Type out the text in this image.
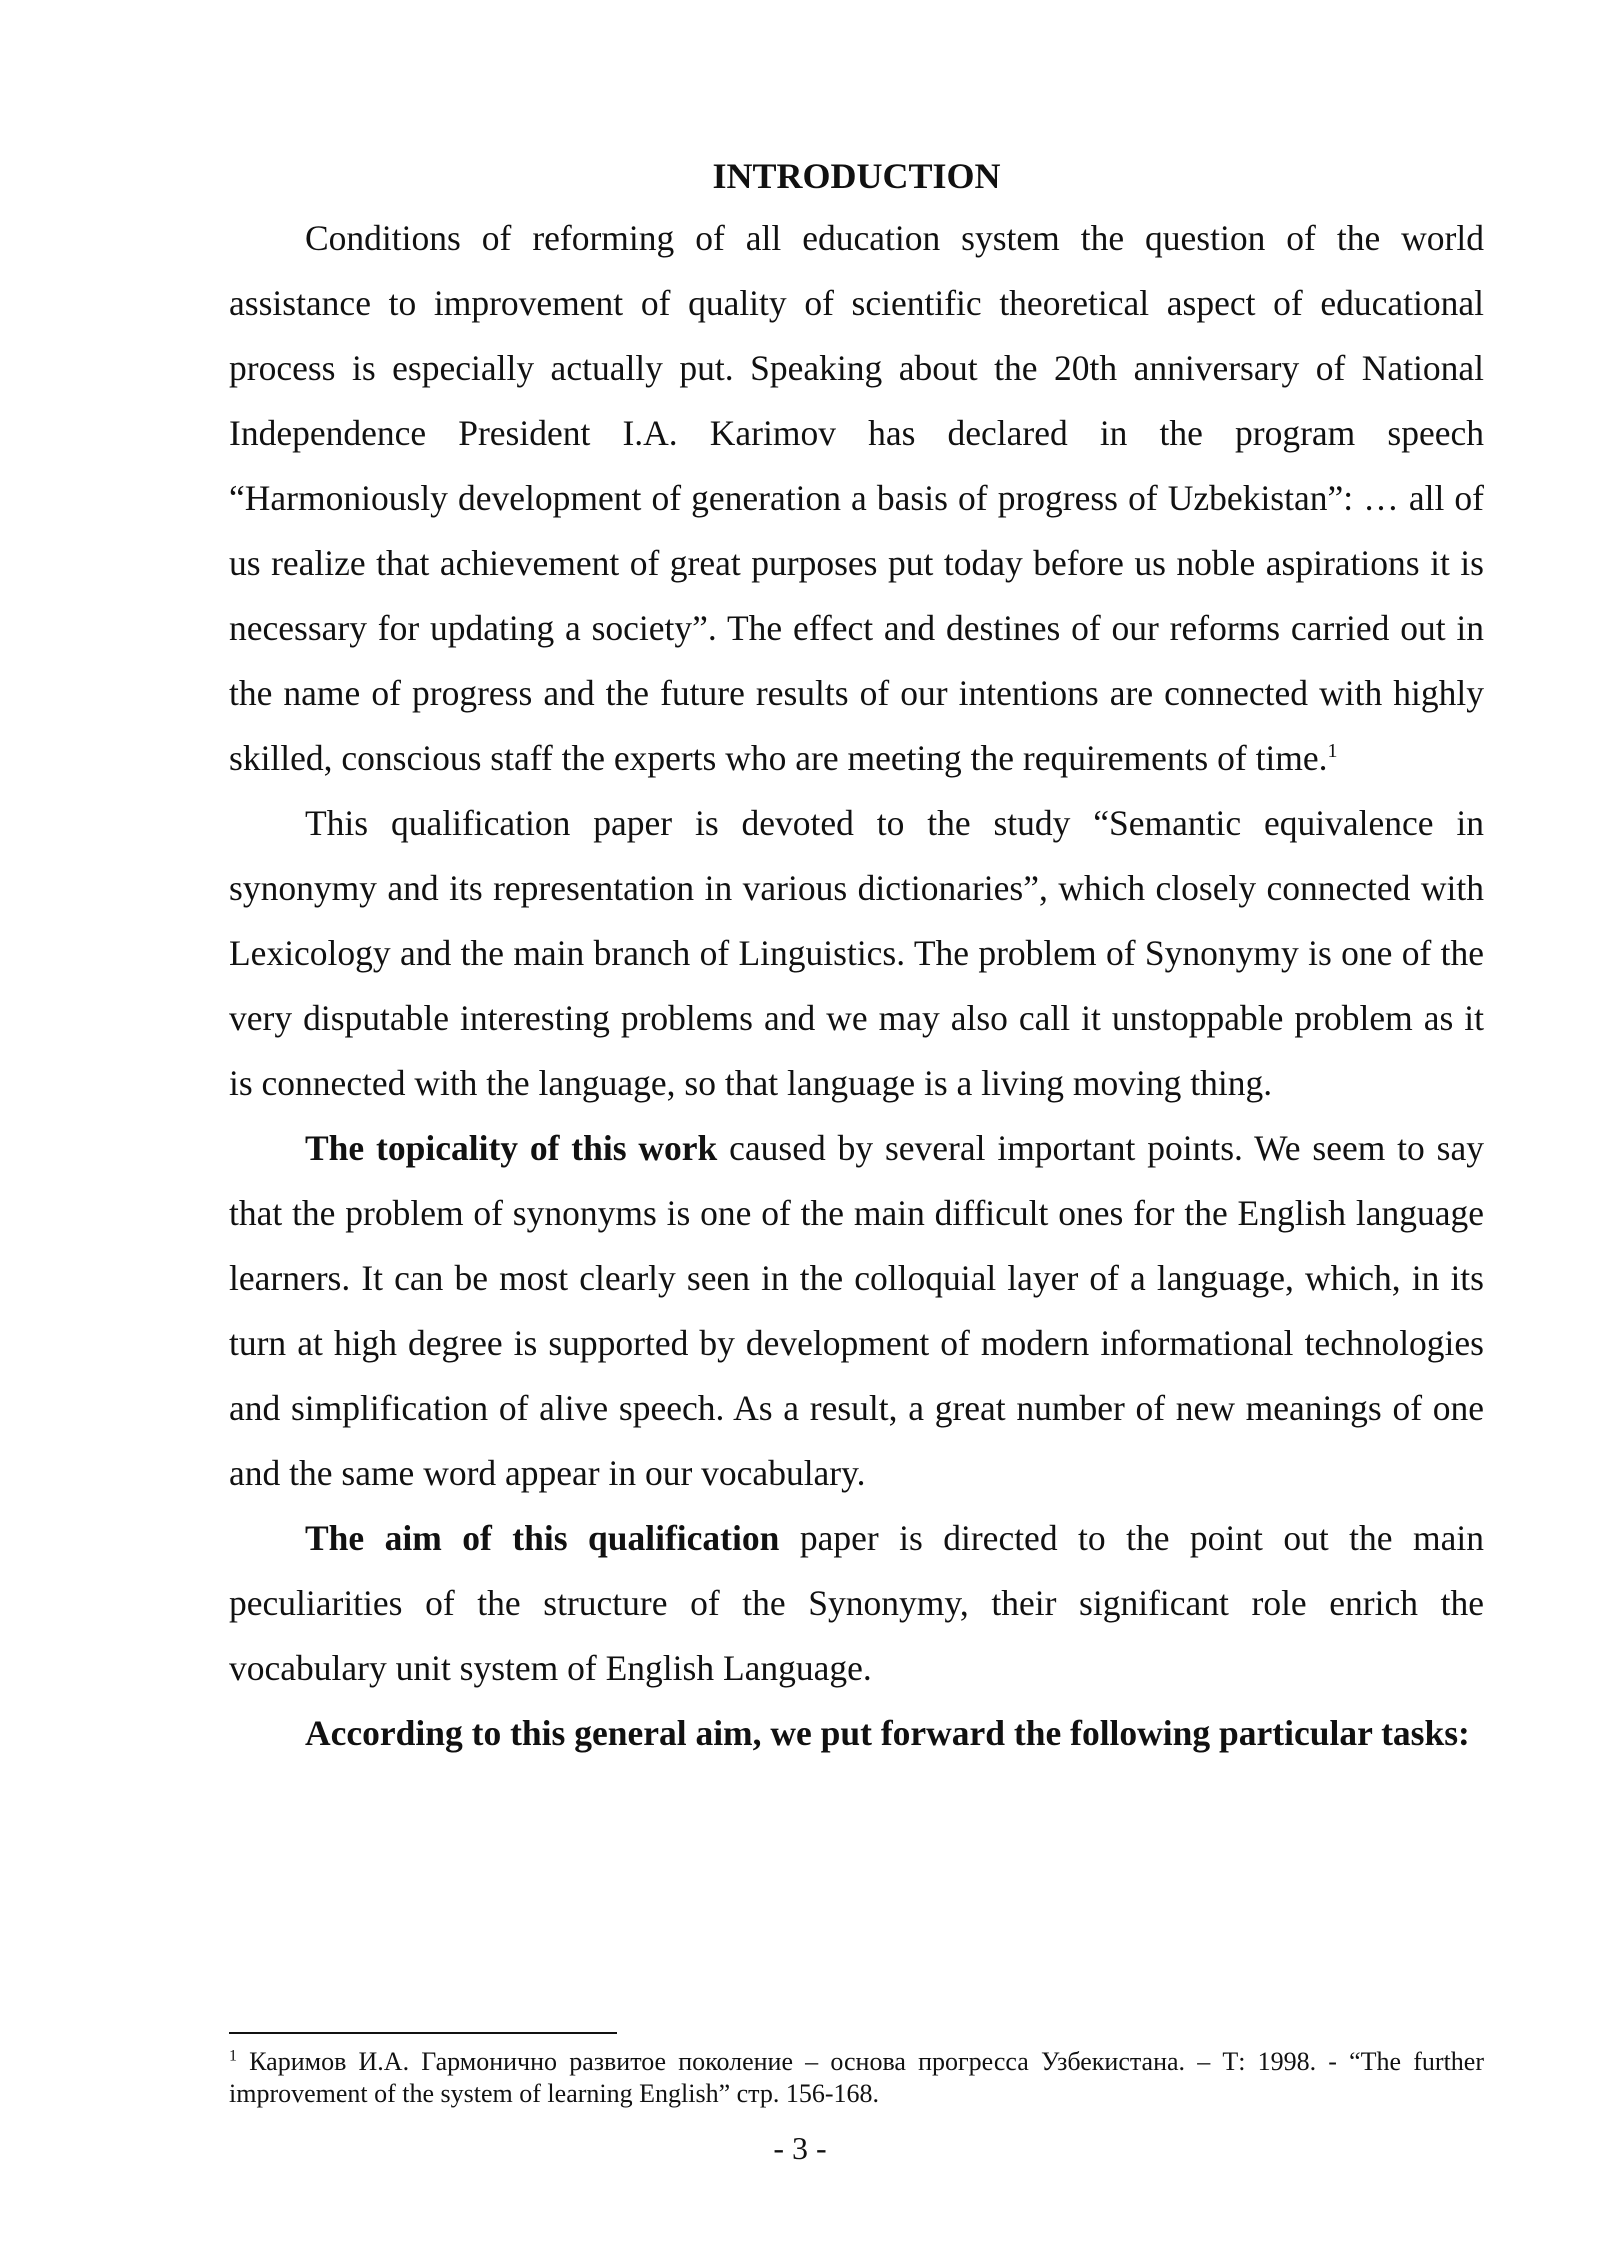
INTRODUCTION

Conditions of reforming of all education system the question of the world assistance to improvement of quality of scientific theoretical aspect of educational process is especially actually put. Speaking about the 20th anniversary of National Independence President I.A. Karimov has declared in the program speech “Harmoniously development of generation a basis of progress of Uzbekistan”: … all of us realize that achievement of great purposes put today before us noble aspirations it is necessary for updating a society”. The effect and destines of our reforms carried out in the name of progress and the future results of our intentions are connected with highly skilled, conscious staff the experts who are meeting the requirements of time.$^1$

This qualification paper is devoted to the study “Semantic equivalence in synonymy and its representation in various dictionaries”, which closely connected with Lexicology and the main branch of Linguistics. The problem of Synonymy is one of the very disputable interesting problems and we may also call it unstoppable problem as it is connected with the language, so that language is a living moving thing.

The topicality of this work caused by several important points. We seem to say that the problem of synonyms is one of the main difficult ones for the English language learners. It can be most clearly seen in the colloquial layer of a language, which, in its turn at high degree is supported by development of modern informational technologies and simplification of alive speech. As a result, a great number of new meanings of one and the same word appear in our vocabulary.

The aim of this qualification paper is directed to the point out the main peculiarities of the structure of the Synonymy, their significant role enrich the vocabulary unit system of English Language.

According to this general aim, we put forward the following particular tasks:

$^1$ Каримов И.А. Гармонично развитое поколение – основа прогресса Узбекистана. – Т: 1998. - “The further improvement of the system of learning English” стр. 156-168.

- 3 -
